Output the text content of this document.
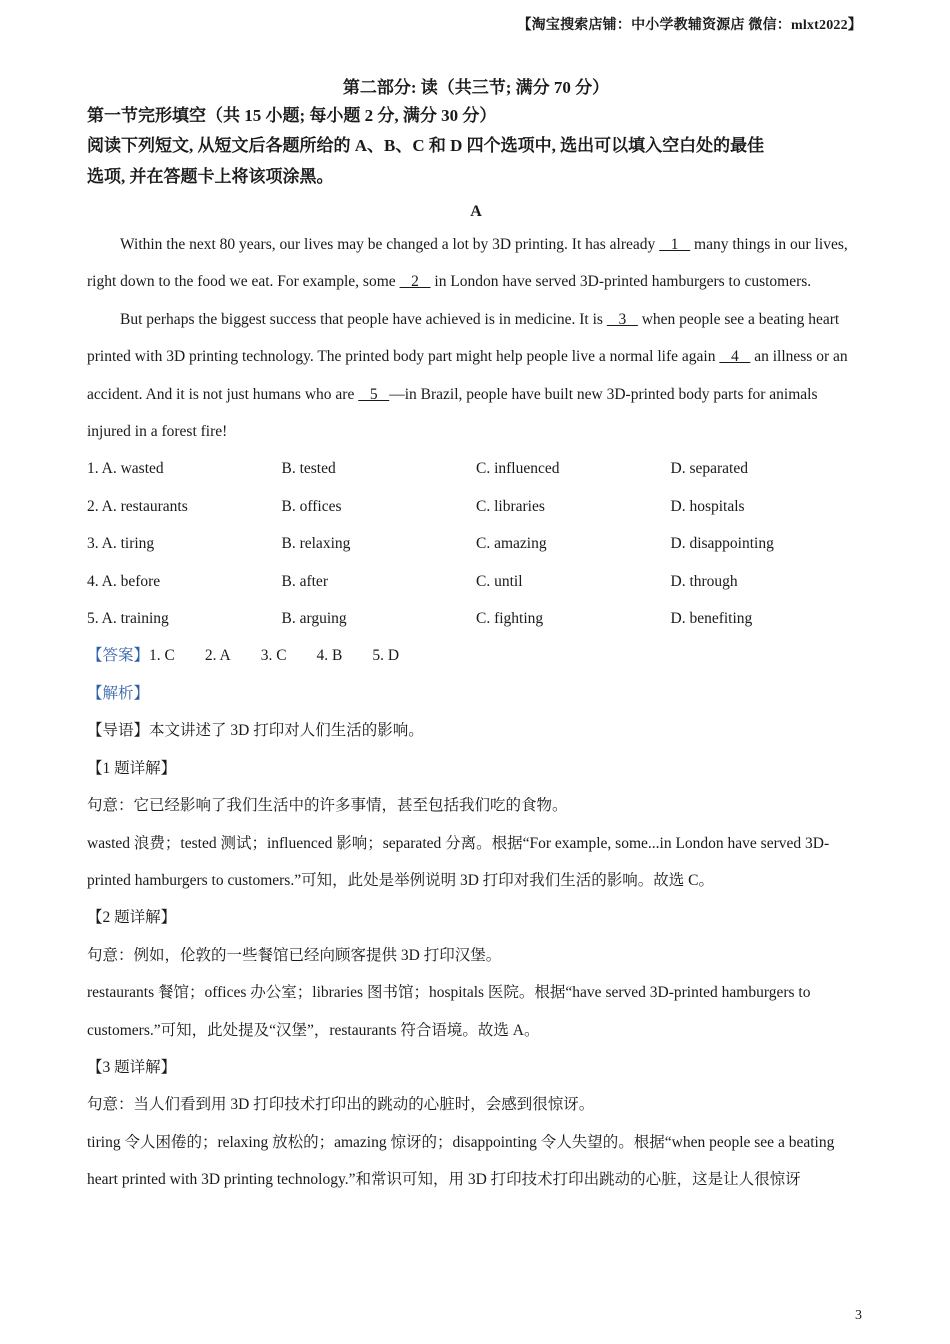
【淘宝搜索店铺：中小学教辅资源店 微信：mlxt2022】

第二部分: 读（共三节; 满分 70 分）

第一节完形填空（共 15 小题; 每小题 2 分, 满分 30 分）

阅读下列短文, 从短文后各题所给的 A、B、C 和 D 四个选项中, 选出可以填入空白处的最佳

选项, 并在答题卡上将该项涂黑。

A

Within the next 80 years, our lives may be changed a lot by 3D printing. It has already    1    many things in our lives, right down to the food we eat. For example, some    2    in London have served 3D-printed hamburgers to customers.

But perhaps the biggest success that people have achieved is in medicine. It is    3    when people see a beating heart printed with 3D printing technology. The printed body part might help people live a normal life again    4    an illness or an accident. And it is not just humans who are    5   —in Brazil, people have built new 3D-printed body parts for animals injured in a forest fire!

1. A. wasted	B. tested	C. influenced	D. separated
2. A. restaurants	B. offices	C. libraries	D. hospitals
3. A. tiring	B. relaxing	C. amazing	D. disappointing
4. A. before	B. after	C. until	D. through
5. A. training	B. arguing	C. fighting	D. benefiting
【答案】1. C 2. A 3. C 4. B 5. D
【解析】

【导语】本文讲述了 3D 打印对人们生活的影响。

【1 题详解】

句意：它已经影响了我们生活中的许多事情，甚至包括我们吃的食物。

wasted 浪费；tested 测试；influenced 影响；separated 分离。根据“For example, some...in London have served 3D-printed hamburgers to customers.”可知，此处是举例说明 3D 打印对我们生活的影响。故选 C。

【2 题详解】

句意：例如，伦敦的一些餐馆已经向顾客提供 3D 打印汉堡。

restaurants 餐馆；offices 办公室；libraries 图书馆；hospitals 医院。根据“have served 3D-printed hamburgers to customers.”可知，此处提及“汉堡”，restaurants 符合语境。故选 A。

【3 题详解】

句意：当人们看到用 3D 打印技术打印出的跳动的心脏时，会感到很惊讶。

tiring 令人困倦的；relaxing 放松的；amazing 惊讶的；disappointing 令人失望的。根据“when people see a beating heart printed with 3D printing technology.”和常识可知，用 3D 打印技术打印出跳动的心脏，这是让人很惊讶

3
